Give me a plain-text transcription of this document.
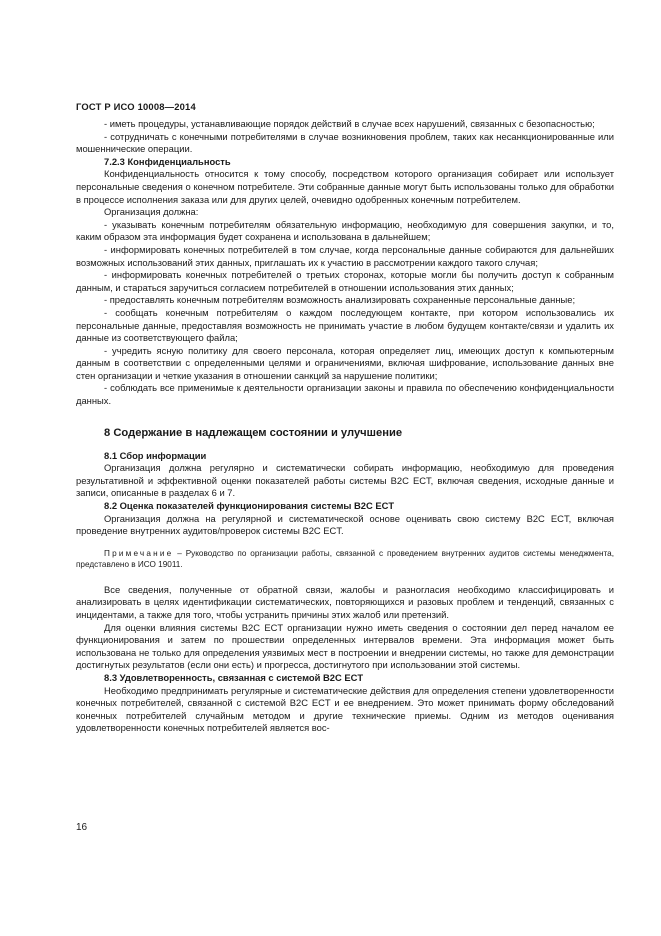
ГОСТ Р ИСО 10008—2014

- иметь процедуры, устанавливающие порядок действий в случае всех нарушений, связанных с безопасностью;

- сотрудничать с конечными потребителями в случае возникновения проблем, таких как несанкционированные или мошеннические операции.

7.2.3 Конфиденциальность

Конфиденциальность относится к тому способу, посредством которого организация собирает или использует персональные сведения о конечном потребителе. Эти собранные данные могут быть использованы только для обработки в процессе исполнения заказа или для других целей, очевидно одобренных конечным потребителем.

Организация должна:

- указывать конечным потребителям обязательную информацию, необходимую для совершения закупки, и то, каким образом эта информация будет сохранена и использована в дальнейшем;

- информировать конечных потребителей в том случае, когда персональные данные собираются для дальнейших возможных использований этих данных, приглашать их к участию в рассмотрении каждого такого случая;

- информировать конечных потребителей о третьих сторонах, которые могли бы получить доступ к собранным данным, и стараться заручиться согласием потребителей в отношении использования этих данных;

- предоставлять конечным потребителям возможность анализировать сохраненные персональные данные;

- сообщать конечным потребителям о каждом последующем контакте, при котором использовались их персональные данные, предоставляя возможность не принимать участие в любом будущем контакте/связи и удалить их данные из соответствующего файла;

- учредить ясную политику для своего персонала, которая определяет лиц, имеющих доступ к компьютерным данным в соответствии с определенными целями и ограничениями, включая шифрование, использование данных вне стен организации и четкие указания в отношении санкций за нарушение политики;

- соблюдать все применимые к деятельности организации законы и правила по обеспечению конфиденциальности данных.

8 Содержание в надлежащем состоянии и улучшение

8.1 Сбор информации

Организация должна регулярно и систематически собирать информацию, необходимую для проведения результативной и эффективной оценки показателей работы системы B2C ECT, включая сведения, исходные данные и записи, описанные в разделах 6 и 7.

8.2 Оценка показателей функционирования системы B2C ECT

Организация должна на регулярной и систематической основе оценивать свою систему B2C ECT, включая проведение внутренних аудитов/проверок системы B2C ECT.

Примечание – Руководство по организации работы, связанной с проведением внутренних аудитов системы менеджмента, представлено в ИСО 19011.

Все сведения, полученные от обратной связи, жалобы и разногласия необходимо классифицировать и анализировать в целях идентификации систематических, повторяющихся и разовых проблем и тенденций, связанных с инцидентами, а также для того, чтобы устранить причины этих жалоб или претензий.

Для оценки влияния системы B2C ECT организации нужно иметь сведения о состоянии дел перед началом ее функционирования и затем по прошествии определенных интервалов времени. Эта информация может быть использована не только для определения уязвимых мест в построении и внедрении системы, но также для демонстрации достигнутых результатов (если они есть) и прогресса, достигнутого при использовании этой системы.

8.3 Удовлетворенность, связанная с системой B2C ECT

Необходимо предпринимать регулярные и систематические действия для определения степени удовлетворенности конечных потребителей, связанной с системой B2C ECT и ее внедрением. Это может принимать форму обследований конечных потребителей случайным методом и другие технические приемы. Одним из методов оценивания удовлетворенности конечных потребителей является вос-

16
